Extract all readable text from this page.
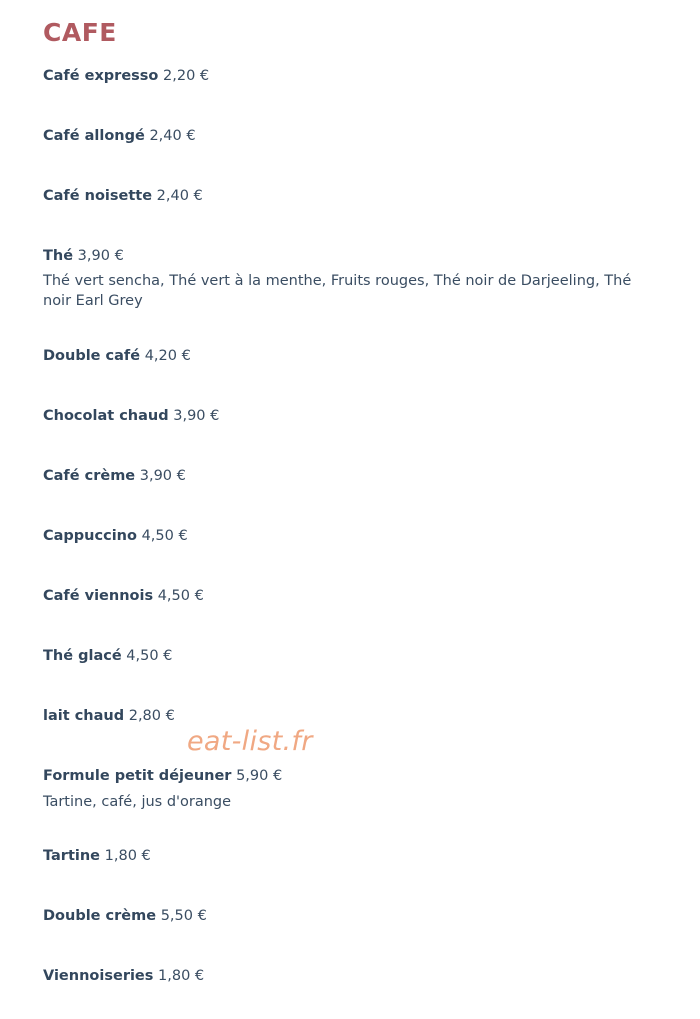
CAFE
Café expresso 2,20 €
Café allongé 2,40 €
Café noisette 2,40 €
Thé 3,90 €
Thé vert sencha, Thé vert à la menthe, Fruits rouges, Thé noir de Darjeeling, Thé noir Earl Grey
Double café 4,20 €
Chocolat chaud 3,90 €
Café crème 3,90 €
Cappuccino 4,50 €
Café viennois 4,50 €
Thé glacé 4,50 €
lait chaud 2,80 €
Formule petit déjeuner 5,90 €
Tartine, café, jus d'orange
Tartine 1,80 €
Double crème 5,50 €
Viennoiseries 1,80 €
eat-list.fr
